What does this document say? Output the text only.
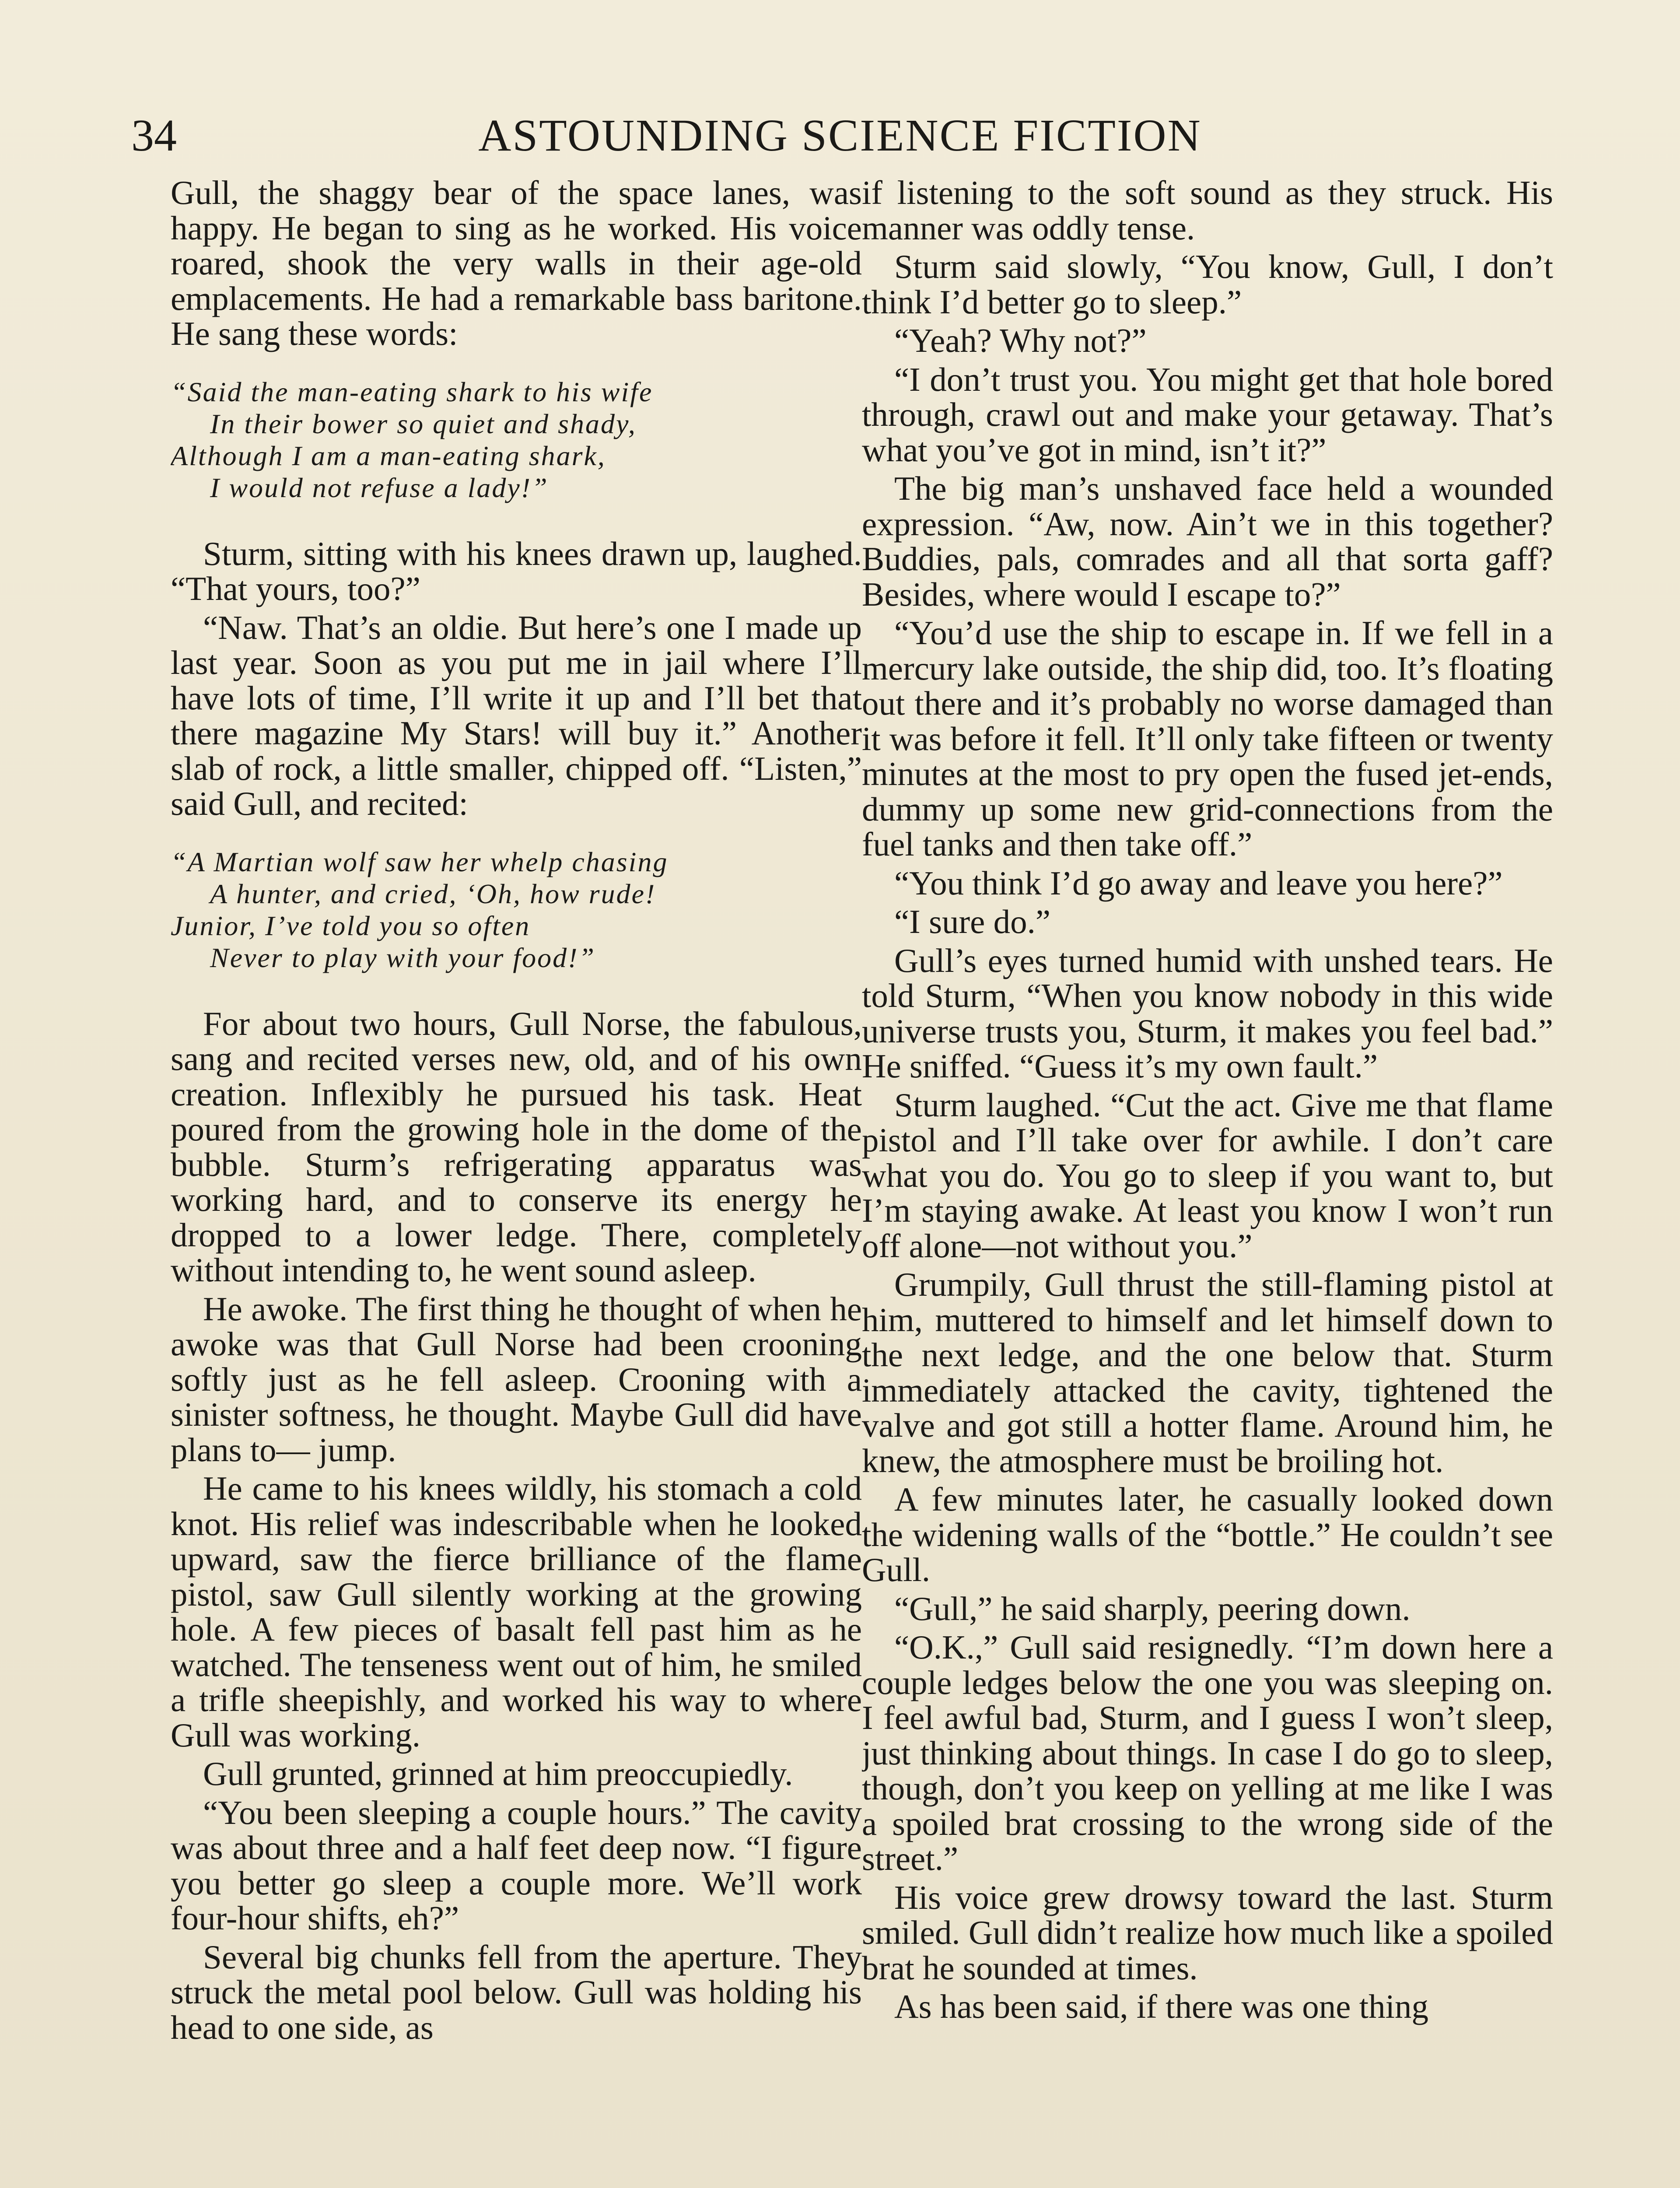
34	ASTOUNDING SCIENCE FICTION

Gull, the shaggy bear of the space lanes, was happy. He began to sing as he worked. His voice roared, shook the very walls in their age-old emplacements. He had a remarkable bass baritone. He sang these words:

“Said the man-eating shark to his wife
In their bower so quiet and shady,
Although I am a man-eating shark,
I would not refuse a lady!”

Sturm, sitting with his knees drawn up, laughed. “That yours, too?”

“Naw. That’s an oldie. But here’s one I made up last year. Soon as you put me in jail where I’ll have lots of time, I’ll write it up and I’ll bet that there magazine My Stars! will buy it.” Another slab of rock, a little smaller, chipped off. “Listen,” said Gull, and recited:

“A Martian wolf saw her whelp chasing
A hunter, and cried, ‘Oh, how rude!
Junior, I’ve told you so often
Never to play with your food!”

For about two hours, Gull Norse, the fabulous, sang and recited verses new, old, and of his own creation. Inflexibly he pursued his task. Heat poured from the growing hole in the dome of the bubble. Sturm’s refrigerating apparatus was working hard, and to conserve its energy he dropped to a lower ledge. There, completely without intending to, he went sound asleep.

He awoke. The first thing he thought of when he awoke was that Gull Norse had been crooning softly just as he fell asleep. Crooning with a sinister softness, he thought. Maybe Gull did have plans to— jump.

He came to his knees wildly, his stomach a cold knot. His relief was indescribable when he looked upward, saw the fierce brilliance of the flame pistol, saw Gull silently working at the growing hole. A few pieces of basalt fell past him as he watched. The tenseness went out of him, he smiled a trifle sheepishly, and worked his way to where Gull was working.

Gull grunted, grinned at him preoccupiedly.

“You been sleeping a couple hours.” The cavity was about three and a half feet deep now. “I figure you better go sleep a couple more. We’ll work four-hour shifts, eh?”

Several big chunks fell from the aperture. They struck the metal pool below. Gull was holding his head to one side, as

if listening to the soft sound as they struck. His manner was oddly tense.

Sturm said slowly, “You know, Gull, I don’t think I’d better go to sleep.”

“Yeah? Why not?”

“I don’t trust you. You might get that hole bored through, crawl out and make your getaway. That’s what you’ve got in mind, isn’t it?”

The big man’s unshaved face held a wounded expression. “Aw, now. Ain’t we in this together? Buddies, pals, comrades and all that sorta gaff? Besides, where would I escape to?”

“You’d use the ship to escape in. If we fell in a mercury lake outside, the ship did, too. It’s floating out there and it’s probably no worse damaged than it was before it fell. It’ll only take fifteen or twenty minutes at the most to pry open the fused jet-ends, dummy up some new grid-connections from the fuel tanks and then take off.”

“You think I’d go away and leave you here?”

“I sure do.”

Gull’s eyes turned humid with unshed tears. He told Sturm, “When you know nobody in this wide universe trusts you, Sturm, it makes you feel bad.” He sniffed. “Guess it’s my own fault.”

Sturm laughed. “Cut the act. Give me that flame pistol and I’ll take over for awhile. I don’t care what you do. You go to sleep if you want to, but I’m staying awake. At least you know I won’t run off alone—not without you.”

Grumpily, Gull thrust the still-flaming pistol at him, muttered to himself and let himself down to the next ledge, and the one below that. Sturm immediately attacked the cavity, tightened the valve and got still a hotter flame. Around him, he knew, the atmosphere must be broiling hot.

A few minutes later, he casually looked down the widening walls of the “bottle.” He couldn’t see Gull.

“Gull,” he said sharply, peering down.

“O.K.,” Gull said resignedly. “I’m down here a couple ledges below the one you was sleeping on. I feel awful bad, Sturm, and I guess I won’t sleep, just thinking about things. In case I do go to sleep, though, don’t you keep on yelling at me like I was a spoiled brat crossing to the wrong side of the street.”

His voice grew drowsy toward the last. Sturm smiled. Gull didn’t realize how much like a spoiled brat he sounded at times.

As has been said, if there was one thing
